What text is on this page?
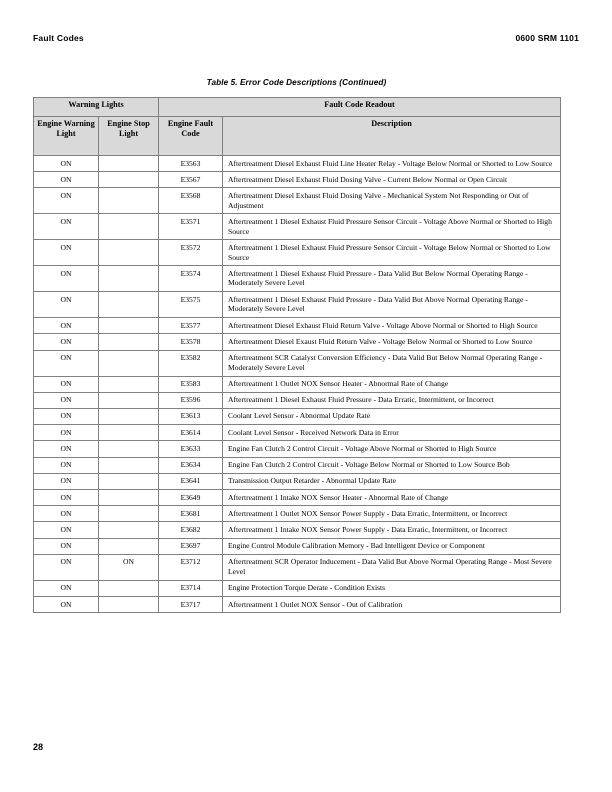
Fault Codes	0600 SRM 1101
Table 5. Error Code Descriptions (Continued)
Warning Lights		Fault Code Readout	
Engine Warning Light	Engine Stop Light	Engine Fault Code	Description
ON		E3563	Aftertreatment Diesel Exhaust Fluid Line Heater Relay - Voltage Below Normal or Shorted to Low Source
ON		E3567	Aftertreatment Diesel Exhaust Fluid Dosing Valve - Current Below Normal or Open Circuit
ON		E3568	Aftertreatment Diesel Exhaust Fluid Dosing Valve - Mechanical System Not Responding or Out of Adjustment
ON		E3571	Aftertreatment 1 Diesel Exhaust Fluid Pressure Sensor Circuit - Voltage Above Normal or Shorted to High Source
ON		E3572	Aftertreatment 1 Diesel Exhaust Fluid Pressure Sensor Circuit - Voltage Below Normal or Shorted to Low Source
ON		E3574	Aftertreatment 1 Diesel Exhaust Fluid Pressure - Data Valid But Below Normal Operating Range - Moderately Severe Level
ON		E3575	Aftertreatment 1 Diesel Exhaust Fluid Pressure - Data Valid But Above Normal Operating Range - Moderately Severe Level
ON		E3577	Aftertreatment Diesel Exhaust Fluid Return Valve - Voltage Above Normal or Shorted to High Source
ON		E3578	Aftertreatment Diesel Exaust Fluid Return Valve - Voltage Below Normal or Shorted to Low Source
ON		E3582	Aftertreatment SCR Catalyst Conversion Efficiency - Data Valid But Below Normal Operating Range - Moderately Severe Level
ON		E3583	Aftertreatment 1 Outlet NOX Sensor Heater - Abnormal Rate of Change
ON		E3596	Aftertreatment 1 Diesel Exhaust Fluid Pressure - Data Erratic, Intermittent, or Incorrect
ON		E3613	Coolant Level Sensor - Abnormal Update Rate
ON		E3614	Coolant Level Sensor - Received Network Data in Error
ON		E3633	Engine Fan Clutch 2 Control Circuit - Voltage Above Normal or Shorted to High Source
ON		E3634	Engine Fan Clutch 2 Control Circuit - Voltage Below Normal or Shorted to Low Source Bob
ON		E3641	Transmission Output Retarder - Abnormal Update Rate
ON		E3649	Aftertreatment 1 Intake NOX Sensor Heater - Abnormal Rate of Change
ON		E3681	Aftertreatment 1 Outlet NOX Sensor Power Supply - Data Erratic, Intermittent, or Incorrect
ON		E3682	Aftertreatment 1 Intake NOX Sensor Power Supply - Data Erratic, Intermittent, or Incorrect
ON		E3697	Engine Control Module Calibration Memory - Bad Intelligent Device or Component
ON	ON	E3712	Aftertreatment SCR Operator Inducement - Data Valid But Above Normal Operating Range - Most Severe Level
ON		E3714	Engine Protection Torque Derate - Condition Exists
ON		E3717	Aftertreatment 1 Outlet NOX Sensor - Out of Calibration
28
